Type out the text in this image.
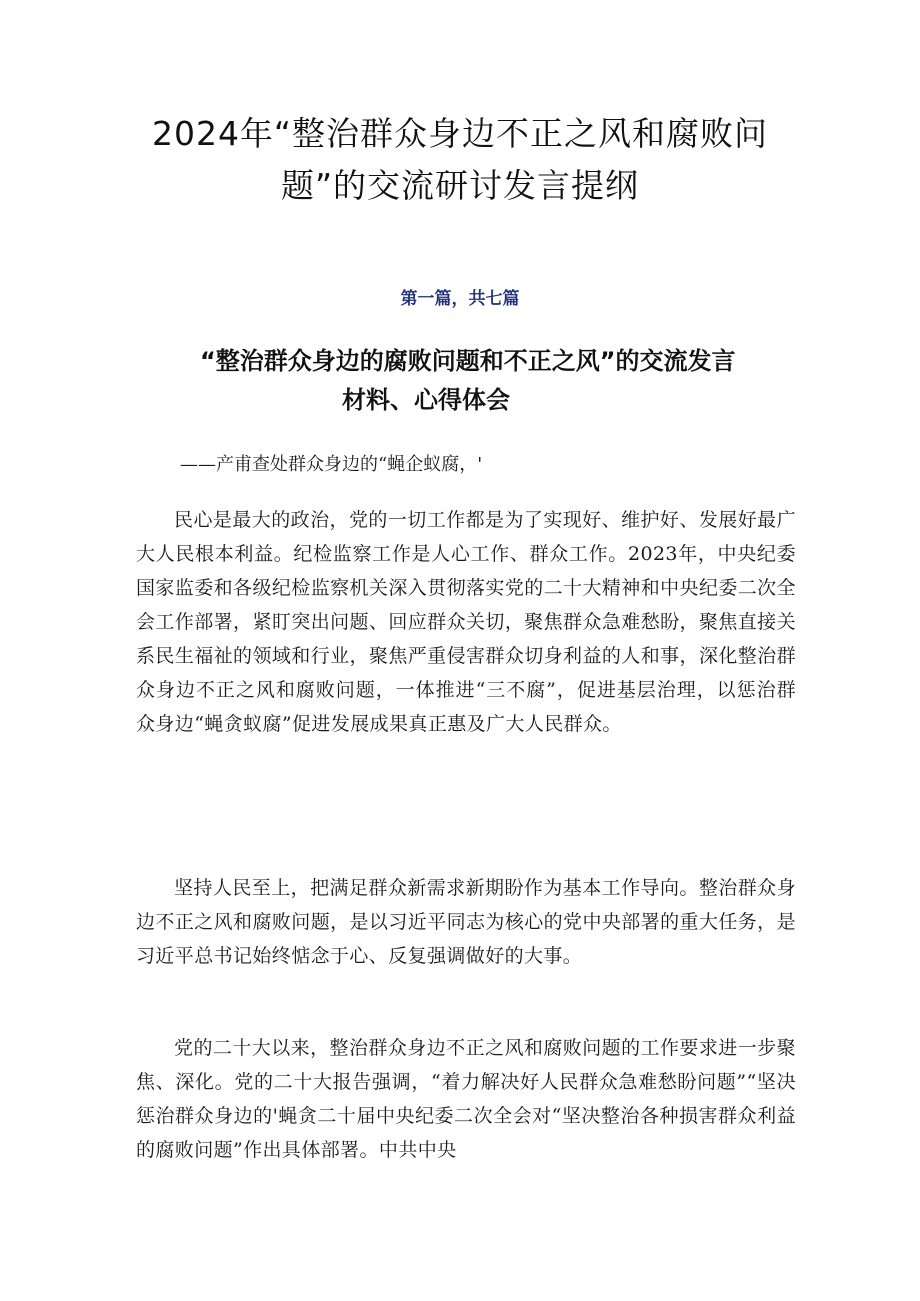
2024年“整治群众身边不正之风和腐败问题”的交流研讨发言提纲

第一篇，共七篇

“整治群众身边的腐败问题和不正之风”的交流发言
材料、心得体会

——产甫查处群众身边的“蝇企蚁腐，'

民心是最大的政治，党的一切工作都是为了实现好、维护好、发展好最广大人民根本利益。纪检监察工作是人心工作、群众工作。2023年，中央纪委国家监委和各级纪检监察机关深入贯彻落实党的二十大精神和中央纪委二次全会工作部署，紧盯突出问题、回应群众关切，聚焦群众急难愁盼，聚焦直接关系民生福祉的领域和行业，聚焦严重侵害群众切身利益的人和事，深化整治群众身边不正之风和腐败问题，一体推进“三不腐”，促进基层治理，以惩治群众身边“蝇贪蚁腐”促进发展成果真正惠及广大人民群众。

坚持人民至上，把满足群众新需求新期盼作为基本工作导向。整治群众身边不正之风和腐败问题，是以习近平同志为核心的党中央部署的重大任务，是习近平总书记始终惦念于心、反复强调做好的大事。

党的二十大以来，整治群众身边不正之风和腐败问题的工作要求进一步聚焦、深化。党的二十大报告强调，“着力解决好人民群众急难愁盼问题”“坚决惩治群众身边的'蝇贪二十届中央纪委二次全会对“坚决整治各种损害群众利益的腐败问题”作出具体部署。中共中央
